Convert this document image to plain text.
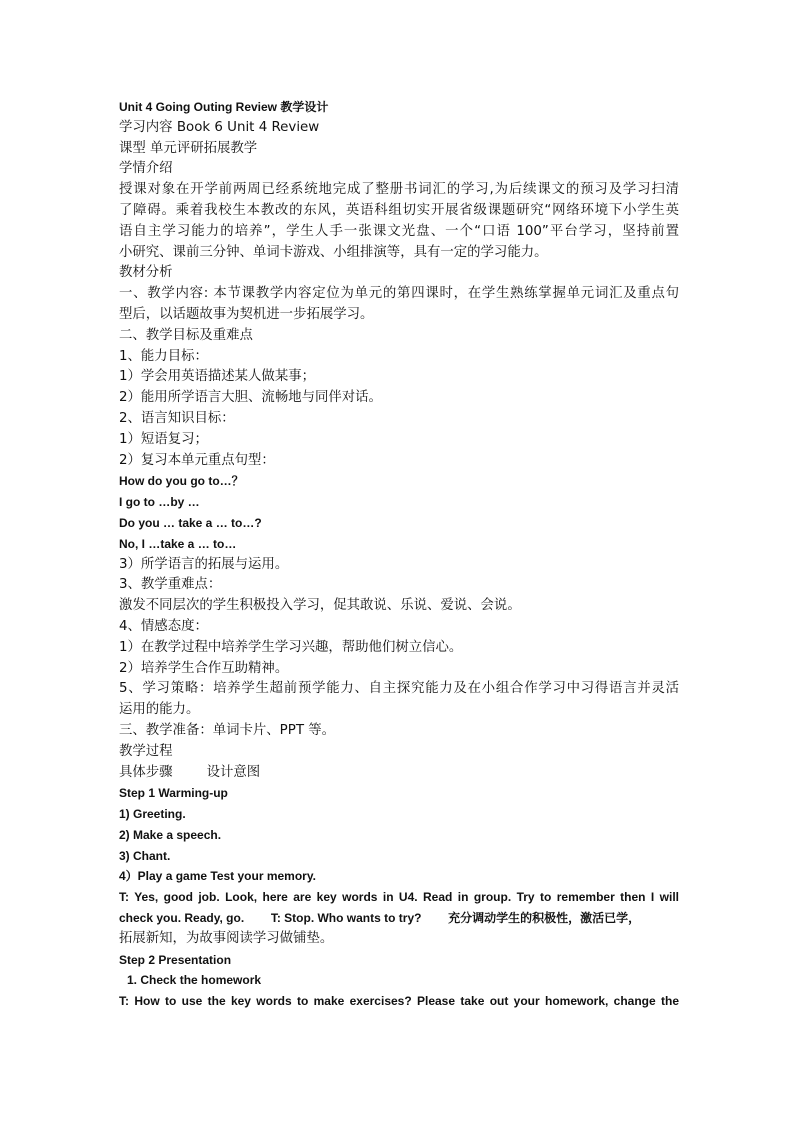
Unit 4 Going Outing Review 教学设计
学习内容 Book 6 Unit 4 Review
课型 单元评研拓展教学
学情介绍
授课对象在开学前两周已经系统地完成了整册书词汇的学习,为后续课文的预习及学习扫清
了障碍。乘着我校生本教改的东风，英语科组切实开展省级课题研究“网络环境下小学生英
语自主学习能力的培养”，学生人手一张课文光盘、一个“口语 100”平台学习，坚持前置
小研究、课前三分钟、单词卡游戏、小组排演等，具有一定的学习能力。
教材分析
一、教学内容: 本节课教学内容定位为单元的第四课时，在学生熟练掌握单元词汇及重点句
型后，以话题故事为契机进一步拓展学习。
二、教学目标及重难点
1、能力目标：
1）学会用英语描述某人做某事；
2）能用所学语言大胆、流畅地与同伴对话。
2、语言知识目标：
1）短语复习；
2）复习本单元重点句型：
How do you go to…？
I go to …by …
Do you … take a … to…?
No, I …take a … to…
3）所学语言的拓展与运用。
3、教学重难点：
激发不同层次的学生积极投入学习，促其敢说、乐说、爱说、会说。
4、情感态度：
1）在教学过程中培养学生学习兴趣，帮助他们树立信心。
2）培养学生合作互助精神。
5、学习策略：培养学生超前预学能力、自主探究能力及在小组合作学习中习得语言并灵活
运用的能力。
三、教学准备：单词卡片、PPT 等。
教学过程
具体步骤        设计意图
Step 1 Warming-up
1) Greeting.
2) Make a speech.
3) Chant.
4）Play a game Test your memory.
T: Yes, good job. Look, here are key words in U4. Read in group. Try to remember then I will
check you. Ready, go.        T: Stop. Who wants to try?        充分调动学生的积极性，激活已学，
拓展新知，为故事阅读学习做铺垫。
Step 2 Presentation
1. Check the homework
T: How to use the key words to make exercises? Please take out your homework, change the
